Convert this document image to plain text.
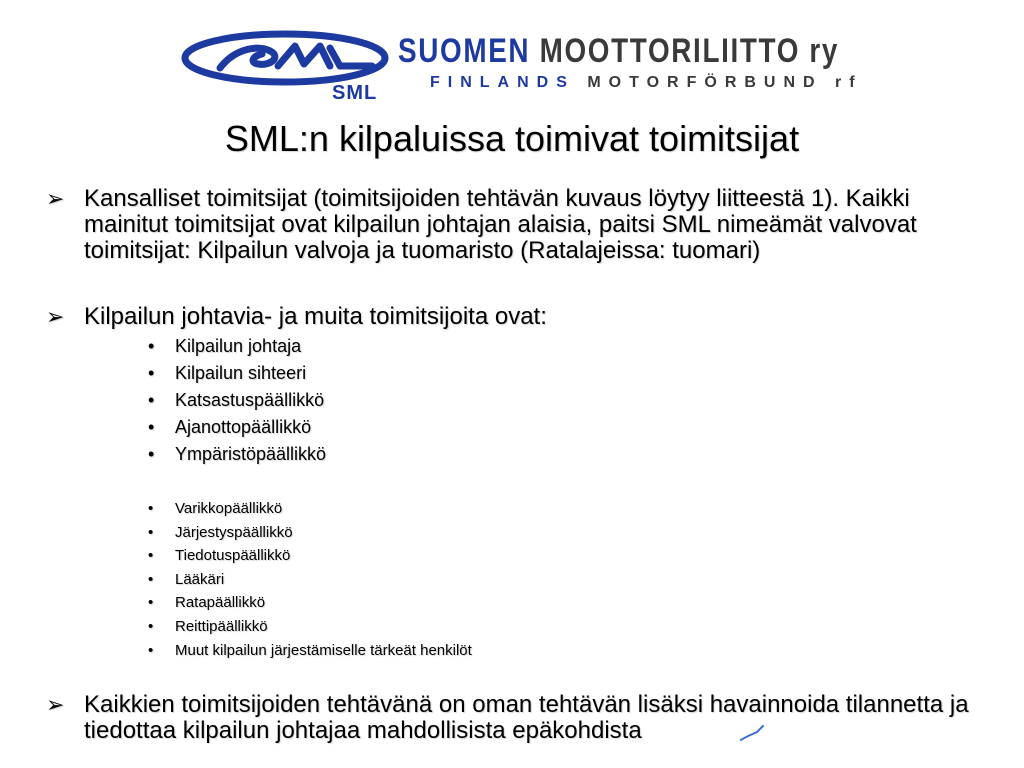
SML
SUOMEN MOOTTORILIITTO ry
FINLANDS MOTORFÖRBUND rf
SML:n kilpaluissa toimivat toimitsijat
➢ Kansalliset toimitsijat (toimitsijoiden tehtävän kuvaus löytyy liitteestä 1). Kaikki mainitut toimitsijat ovat kilpailun johtajan alaisia, paitsi SML nimeämät valvovat toimitsijat: Kilpailun valvoja ja tuomaristo (Ratalajeissa: tuomari)
➢ Kilpailun johtavia- ja muita toimitsijoita ovat:
• Kilpailun johtaja
• Kilpailun sihteeri
• Katsastuspäällikkö
• Ajanottopäällikkö
• Ympäristöpäällikkö
• Varikkopäällikkö
• Järjestyspäällikkö
• Tiedotuspäällikkö
• Lääkäri
• Ratapäällikkö
• Reittipäällikkö
• Muut kilpailun järjestämiselle tärkeät henkilöt
➢ Kaikkien toimitsijoiden tehtävänä on oman tehtävän lisäksi havainnoida tilannetta ja tiedottaa kilpailun johtajaa mahdollisista epäkohdista
